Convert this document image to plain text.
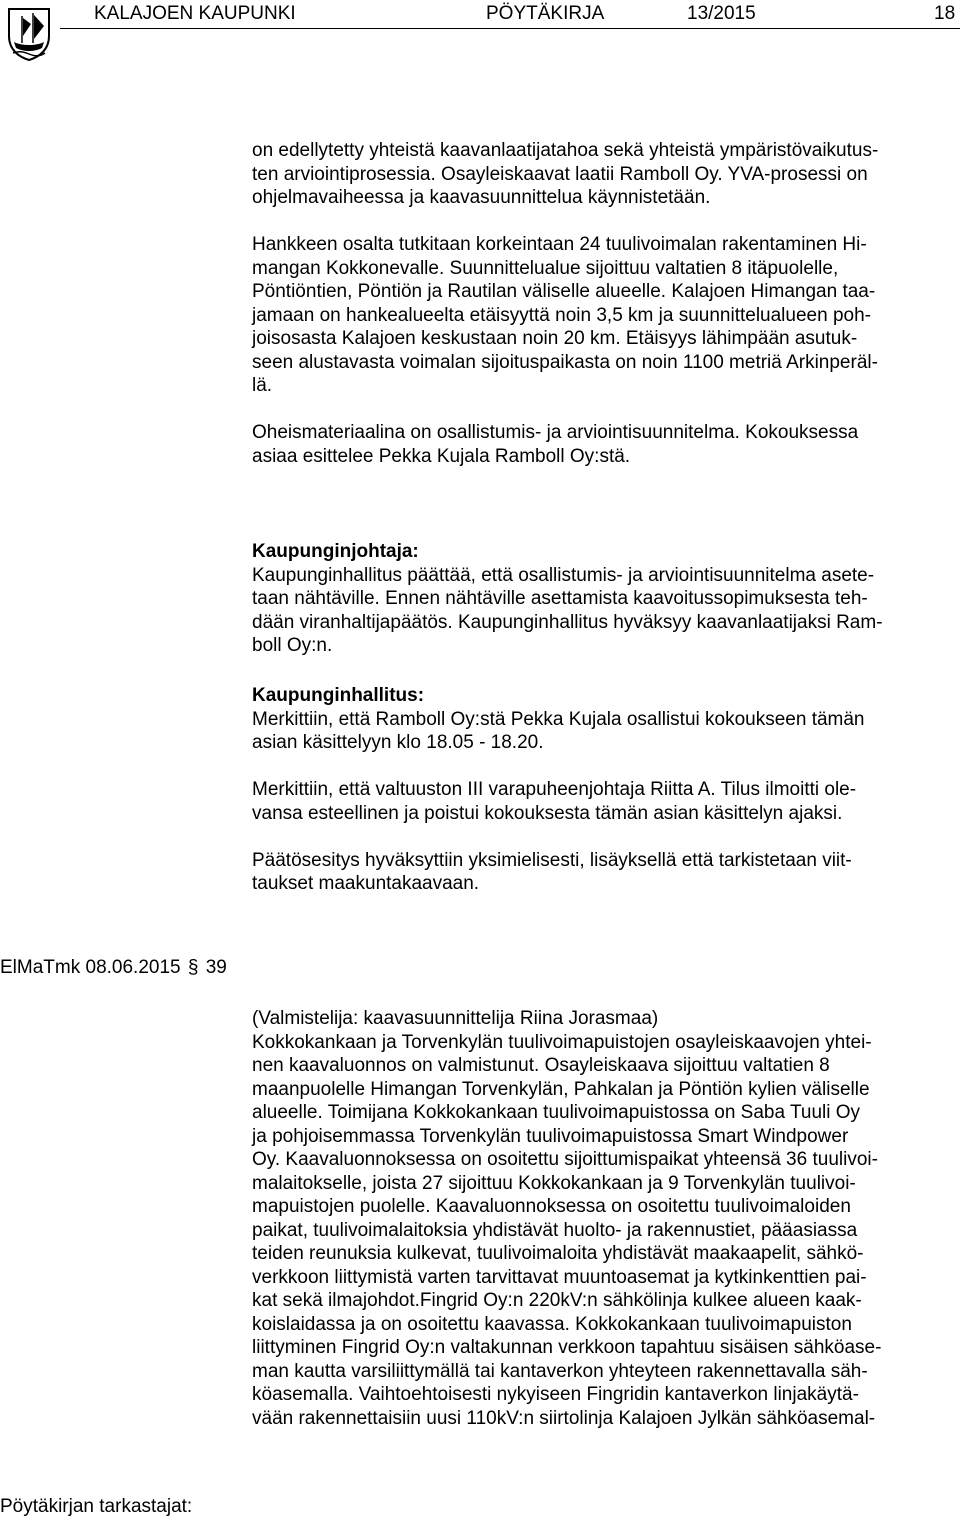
KALAJOEN KAUPUNKI	PÖYTÄKIRJA	13/2015	18

on edellytetty yhteistä kaavanlaatijatahoa sekä yhteistä ympäristövaikutus-

ten arviointiprosessia. Osayleiskaavat laatii Ramboll Oy. YVA-prosessi on

ohjelmavaiheessa ja kaavasuunnittelua käynnistetään.

Hankkeen osalta tutkitaan korkeintaan 24 tuulivoimalan rakentaminen Hi-

mangan Kokkonevalle. Suunnittelualue sijoittuu valtatien 8 itäpuolelle,

Pöntiöntien, Pöntiön ja Rautilan väliselle alueelle. Kalajoen Himangan taa-

jamaan on hankealueelta etäisyyttä noin 3,5 km ja suunnittelualueen poh-

joisosasta Kalajoen keskustaan noin 20 km. Etäisyys lähimpään asutuk-

seen alustavasta voimalan sijoituspaikasta on noin 1100 metriä Arkinperäl-

lä.

Oheismateriaalina on osallistumis- ja arviointisuunnitelma. Kokouksessa

asiaa esittelee Pekka Kujala Ramboll Oy:stä.

Kaupunginjohtaja:

Kaupunginhallitus päättää, että osallistumis- ja arviointisuunnitelma asete-

taan nähtäville. Ennen nähtäville asettamista kaavoitussopimuksesta teh-

dään viranhaltijapäätös. Kaupunginhallitus hyväksyy kaavanlaatijaksi Ram-

boll Oy:n.

Kaupunginhallitus:

Merkittiin, että Ramboll Oy:stä Pekka Kujala osallistui kokoukseen tämän

asian käsittelyyn klo 18.05 - 18.20.

Merkittiin, että valtuuston III varapuheenjohtaja Riitta A. Tilus ilmoitti ole-

vansa esteellinen ja poistui kokouksesta tämän asian käsittelyn ajaksi.

Päätösesitys hyväksyttiin yksimielisesti, lisäyksellä että tarkistetaan viit-

taukset maakuntakaavaan.

ElMaTmk 08.06.2015 § 39

(Valmistelija: kaavasuunnittelija Riina Jorasmaa)

Kokkokankaan ja Torvenkylän tuulivoimapuistojen osayleiskaavojen yhtei-

nen kaavaluonnos on valmistunut. Osayleiskaava sijoittuu valtatien 8

maanpuolelle Himangan Torvenkylän, Pahkalan ja Pöntiön kylien väliselle

alueelle. Toimijana Kokkokankaan tuulivoimapuistossa on Saba Tuuli Oy

ja pohjoisemmassa Torvenkylän tuulivoimapuistossa Smart Windpower

Oy. Kaavaluonnoksessa on osoitettu sijoittumispaikat yhteensä 36 tuulivoi-

malaitokselle, joista 27 sijoittuu Kokkokankaan ja 9 Torvenkylän tuulivoi-

mapuistojen puolelle. Kaavaluonnoksessa on osoitettu tuulivoimaloiden

paikat, tuulivoimalaitoksia yhdistävät huolto- ja rakennustiet, pääasiassa

teiden reunuksia kulkevat, tuulivoimaloita yhdistävät maakaapelit, sähkö-

verkkoon liittymistä varten tarvittavat muuntoasemat ja kytkinkenttien pai-

kat sekä ilmajohdot.Fingrid Oy:n 220kV:n sähkölinja kulkee alueen kaak-

koislaidassa ja on osoitettu kaavassa. Kokkokankaan tuulivoimapuiston

liittyminen Fingrid Oy:n valtakunnan verkkoon tapahtuu sisäisen sähköase-

man kautta varsiliittymällä tai kantaverkon yhteyteen rakennettavalla säh-

köasemalla. Vaihtoehtoisesti nykyiseen Fingridin kantaverkon linjakäytä-

vään rakennettaisiin uusi 110kV:n siirtolinja Kalajoen Jylkän sähköasemal-

Pöytäkirjan tarkastajat:
